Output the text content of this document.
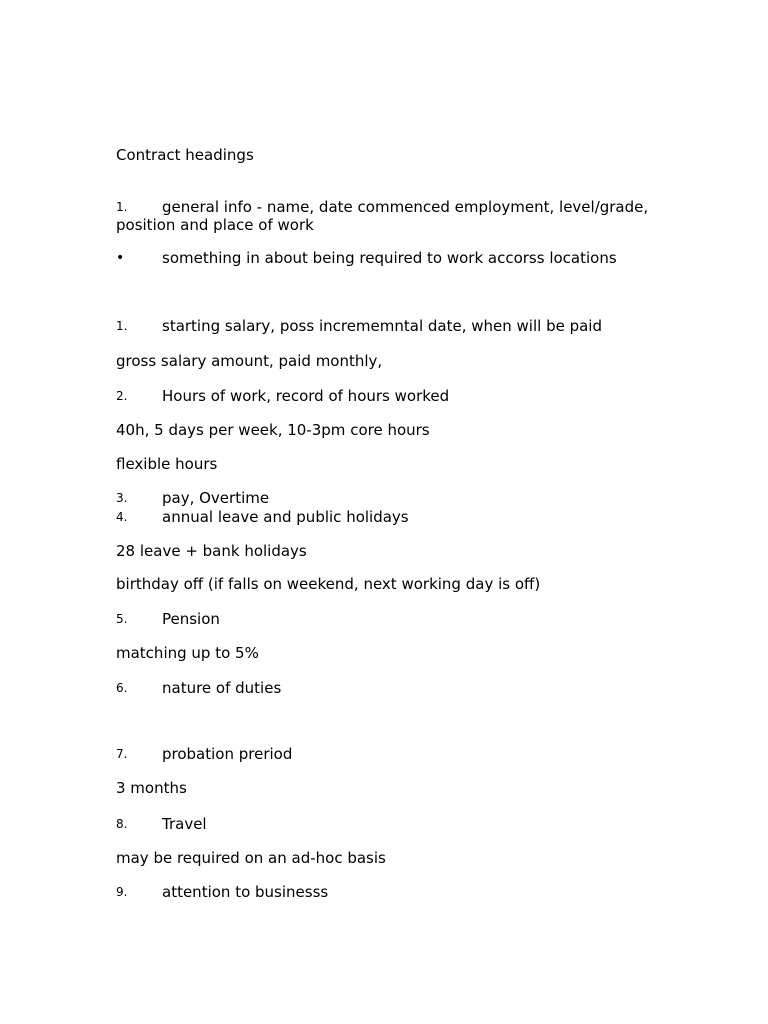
Contract headings
1.	general info - name, date commenced employment, level/grade, position and place of work
•	something in about being required to work accorss locations
1. starting salary, poss incrememntal date, when will be paid
gross salary amount, paid monthly,
2. Hours of work, record of hours worked
40h, 5 days per week, 10-3pm core hours
flexible hours
3. pay, Overtime
4. annual leave and public holidays
28 leave + bank holidays
birthday off (if falls on weekend, next working day is off)
5. Pension
matching up to 5%
6. nature of duties
7. probation preriod
3 months
8. Travel
may be required on an ad-hoc basis
9. attention to businesss
